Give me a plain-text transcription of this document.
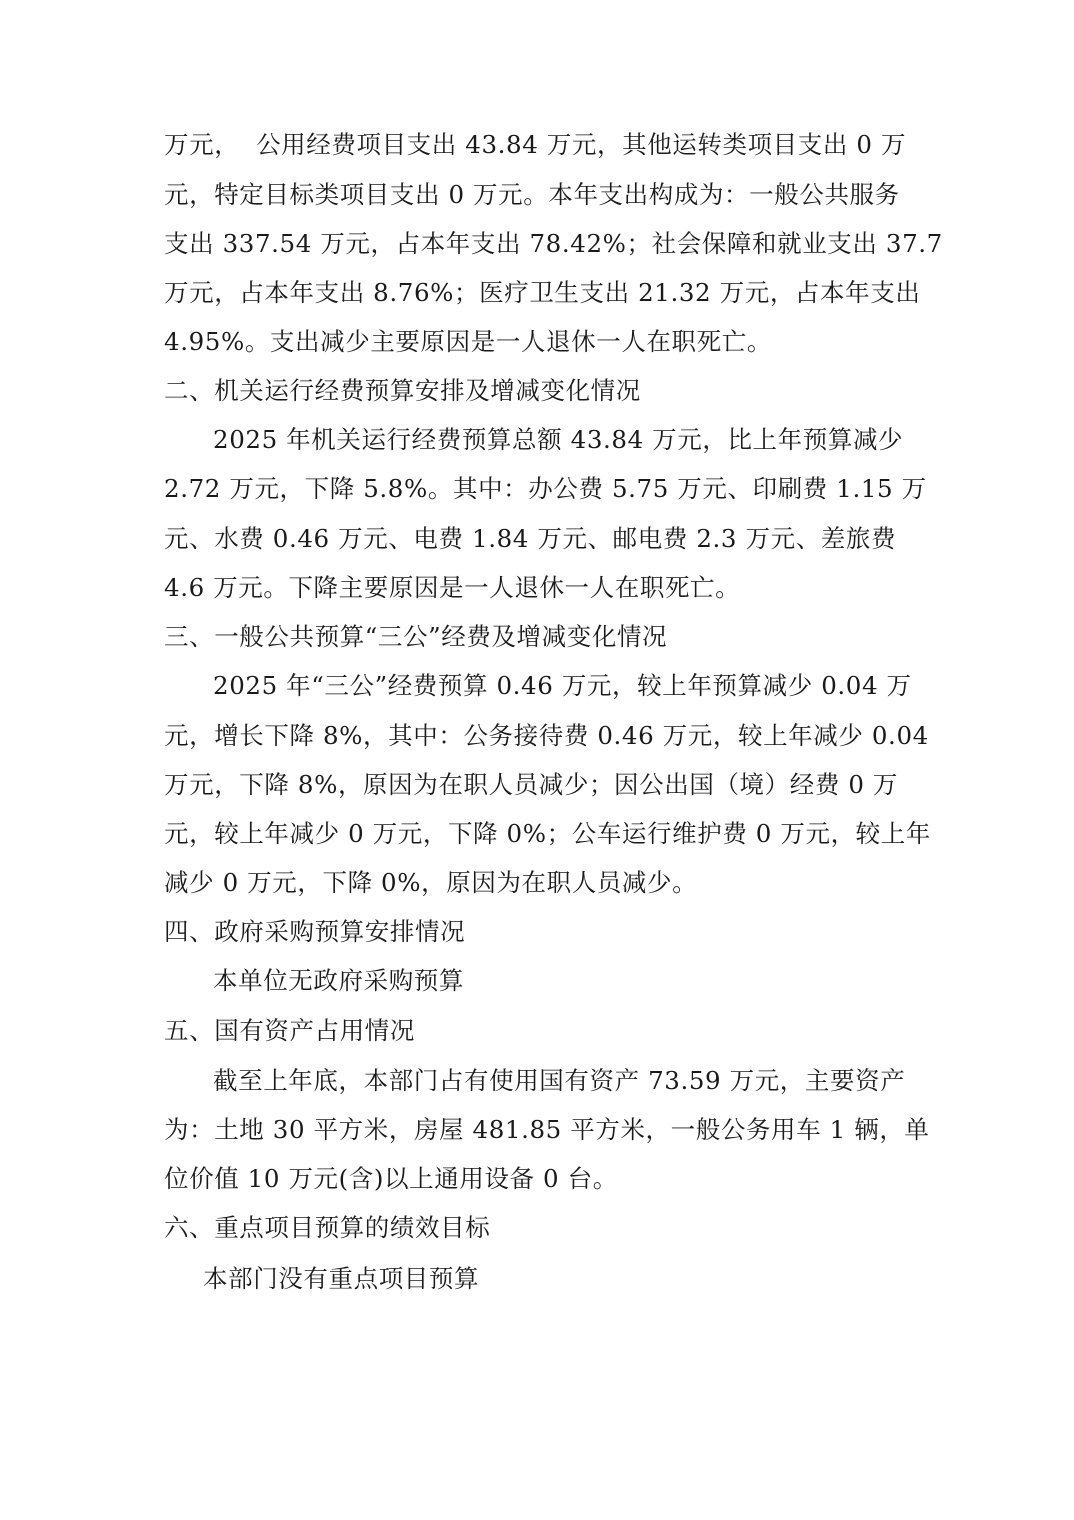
万元，  公用经费项目支出 43.84 万元，其他运转类项目支出 0 万
元，特定目标类项目支出 0 万元。本年支出构成为：一般公共服务
支出 337.54 万元，占本年支出 78.42%；社会保障和就业支出 37.7
万元，占本年支出 8.76%；医疗卫生支出 21.32 万元，占本年支出
4.95%。支出减少主要原因是一人退休一人在职死亡。
二、机关运行经费预算安排及增减变化情况
2025 年机关运行经费预算总额 43.84 万元，比上年预算减少
2.72 万元，下降 5.8%。其中：办公费 5.75 万元、印刷费 1.15 万
元、水费 0.46 万元、电费 1.84 万元、邮电费 2.3 万元、差旅费
4.6 万元。下降主要原因是一人退休一人在职死亡。
三、一般公共预算“三公”经费及增减变化情况
2025 年“三公”经费预算 0.46 万元，较上年预算减少 0.04 万
元，增长下降 8%，其中：公务接待费 0.46 万元，较上年减少 0.04
万元，下降 8%，原因为在职人员减少；因公出国（境）经费 0 万
元，较上年减少 0 万元，下降 0%；公车运行维护费 0 万元，较上年
减少 0 万元，下降 0%，原因为在职人员减少。
四、政府采购预算安排情况
本单位无政府采购预算
五、国有资产占用情况
截至上年底，本部门占有使用国有资产 73.59 万元，主要资产
为：土地 30 平方米，房屋 481.85 平方米，一般公务用车 1 辆，单
位价值 10 万元(含)以上通用设备 0 台。
六、重点项目预算的绩效目标
本部门没有重点项目预算
